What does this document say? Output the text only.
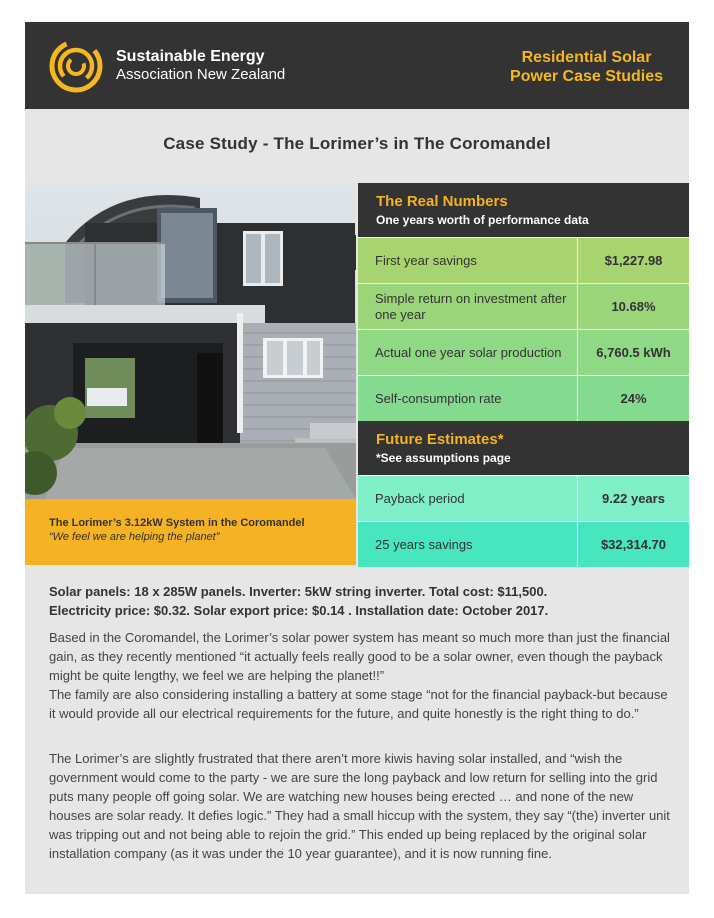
Sustainable Energy
Association New Zealand
Residential Solar
Power Case Studies
Case Study - The Lorimer’s in The Coromandel
The Lorimer’s 3.12kW System in the Coromandel
“We feel we are helping the planet”
The Real Numbers
One years worth of performance data
First year savings	$1,227.98
Simple return on investment after one year	10.68%
Actual one year solar production	6,760.5 kWh
Self-consumption rate	24%
Future Estimates*
*See assumptions page
Payback period	9.22 years
25 years savings	$32,314.70
Solar panels: 18 x 285W panels. Inverter: 5kW string inverter. Total cost: $11,500.
Electricity price: $0.32. Solar export price: $0.14 . Installation date: October 2017.
Based in the Coromandel, the Lorimer’s solar power system has meant so much more than just the financial gain, as they recently mentioned “it actually feels really good to be a solar owner, even though the payback might be quite lengthy, we feel we are helping the planet!!”
The family are also considering installing a battery at some stage “not for the financial payback-but because it would provide all our electrical requirements for the future, and quite honestly is the right thing to do.”
The Lorimer’s are slightly frustrated that there aren’t more kiwis having solar installed, and “wish the government would come to the party - we are sure the long payback and low return for selling into the grid puts many people off going solar. We are watching new houses being erected … and none of the new houses are solar ready. It defies logic.” They had a small hiccup with the system, they say “(the) inverter unit was tripping out and not being able to rejoin the grid.” This ended up being replaced by the original solar installation company (as it was under the 10 year guarantee), and it is now running fine.
